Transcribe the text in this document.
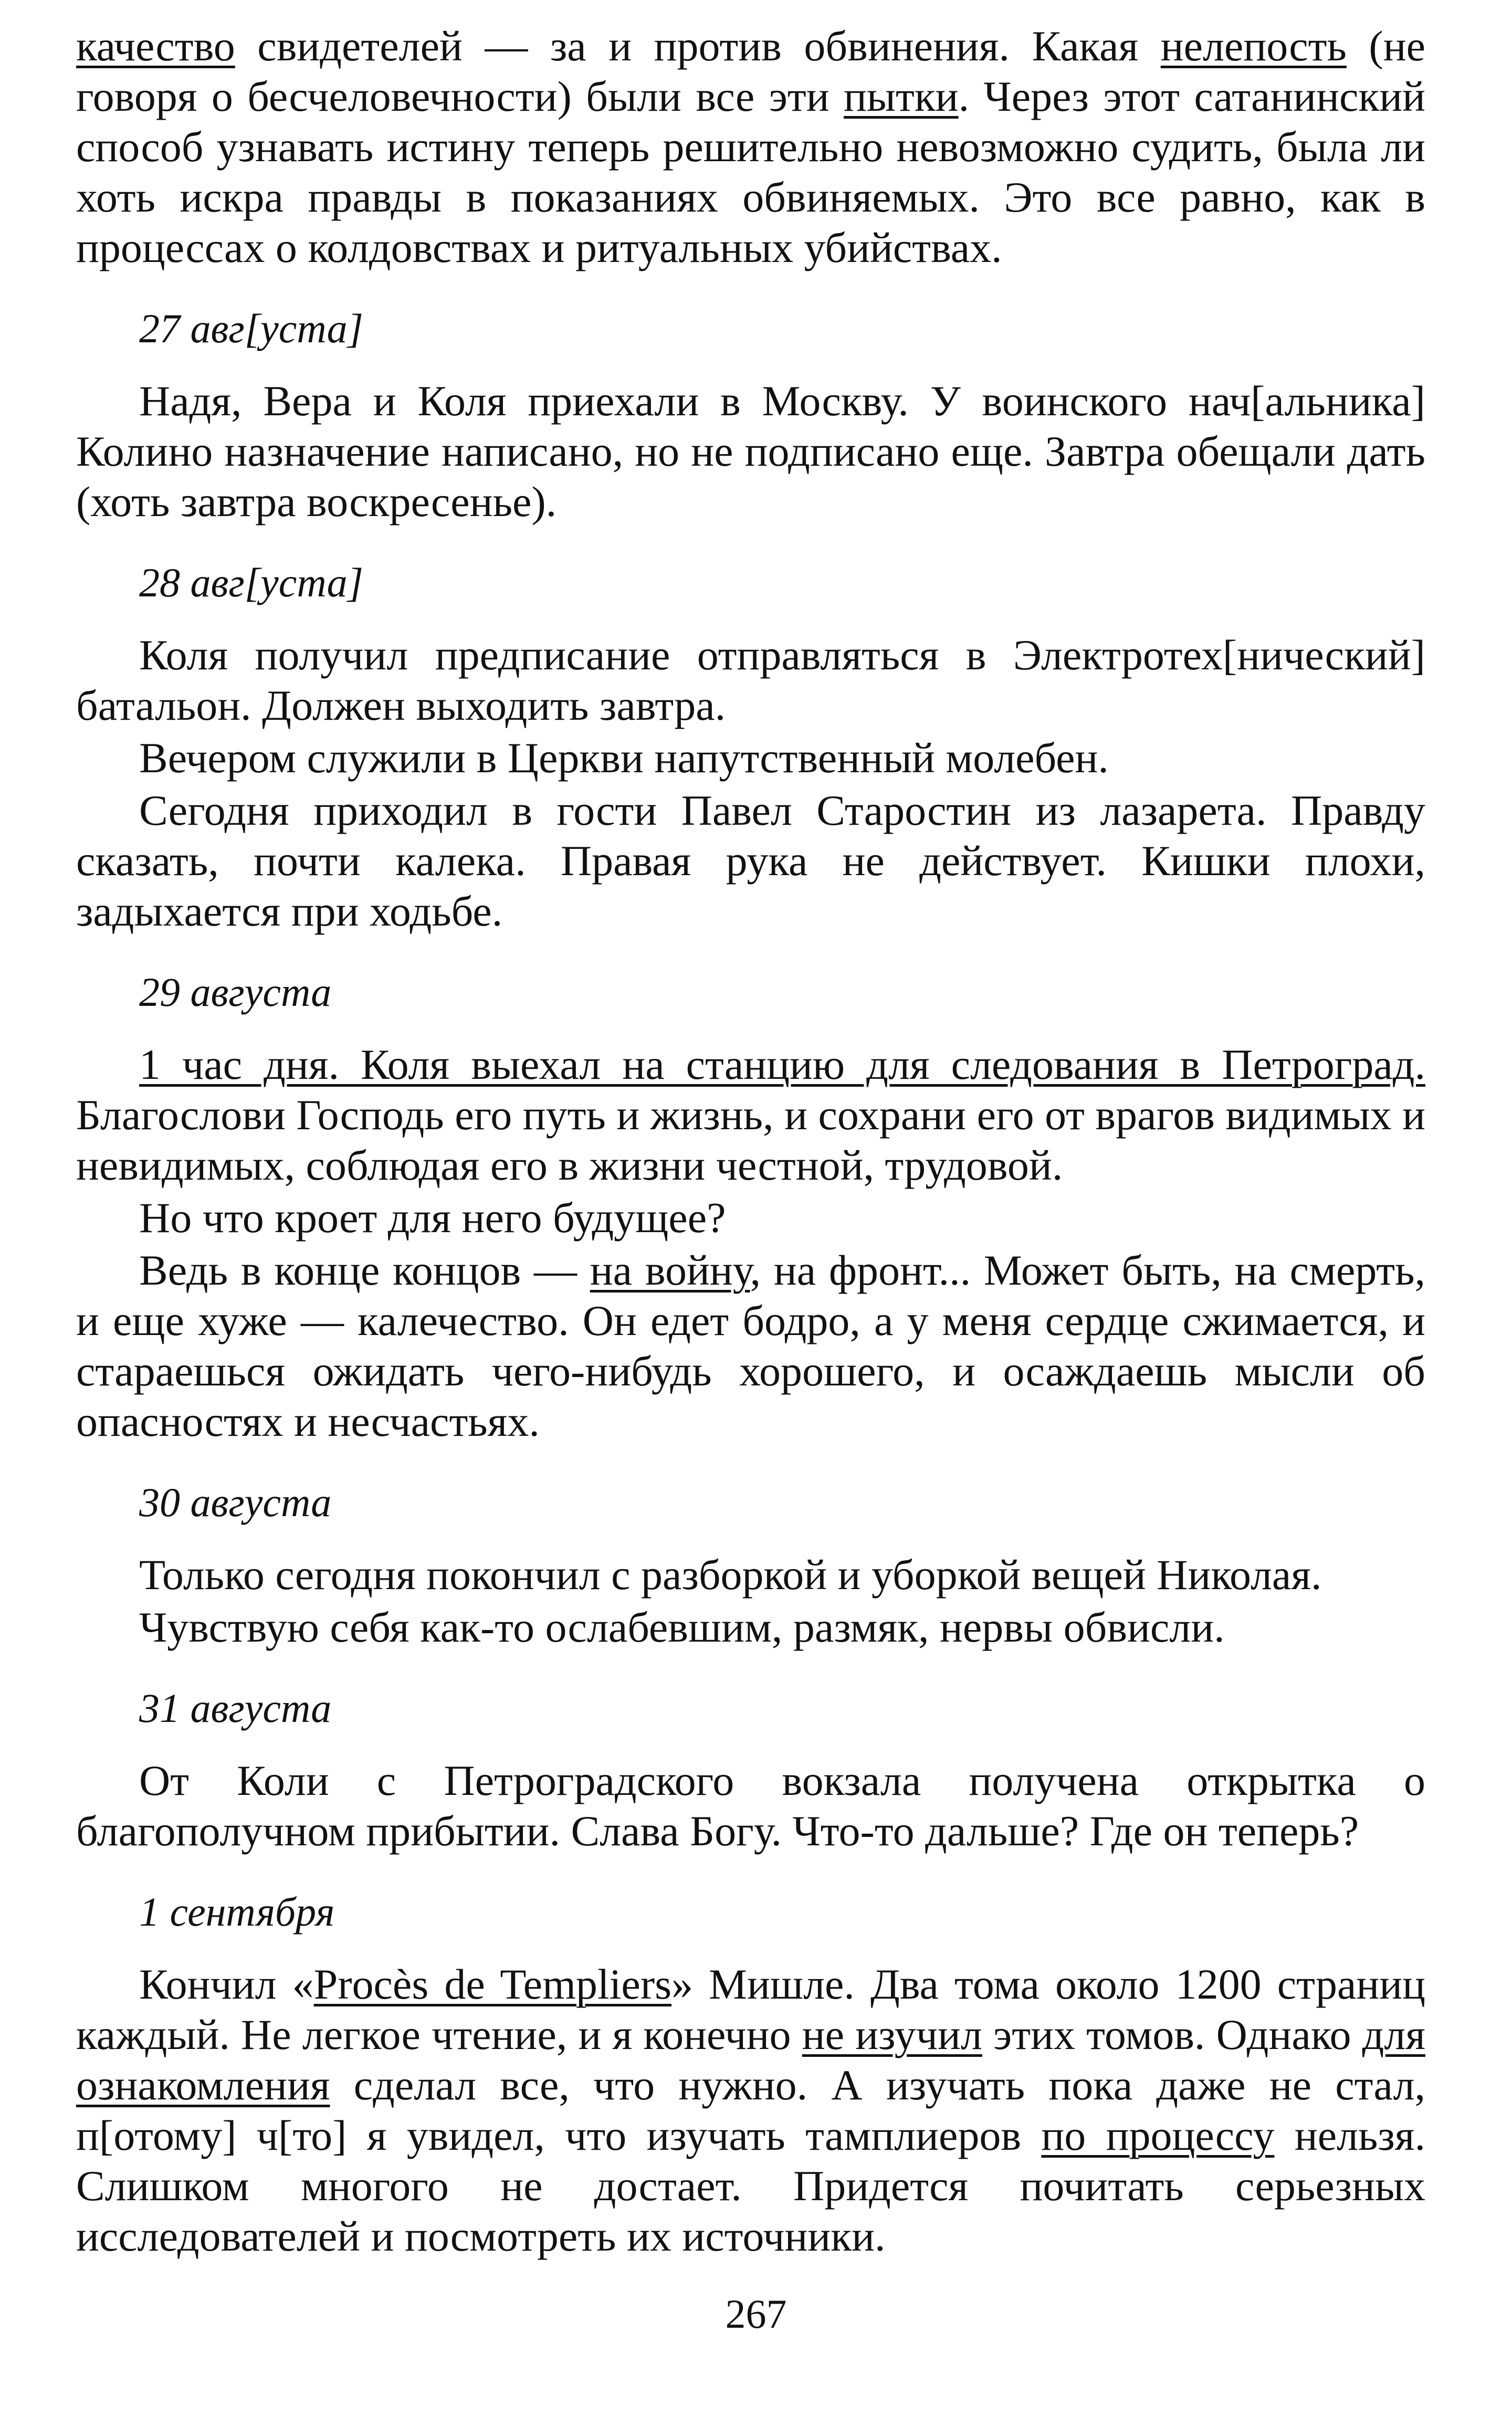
качество свидетелей — за и против обвинения. Какая нелепость (не говоря о бесчеловечности) были все эти пытки. Через этот сатанинский способ узнавать истину теперь решительно невозможно судить, была ли хоть искра правды в показаниях обвиняемых. Это все равно, как в процессах о колдовствах и ритуальных убийствах.

27 авг[уста]

Надя, Вера и Коля приехали в Москву. У воинского нач[альника] Колино назначение написано, но не подписано еще. Завтра обещали дать (хоть завтра воскресенье).

28 авг[уста]

Коля получил предписание отправляться в Электротех[нический] батальон. Должен выходить завтра.

Вечером служили в Церкви напутственный молебен.

Сегодня приходил в гости Павел Старостин из лазарета. Правду сказать, почти калека. Правая рука не действует. Кишки плохи, задыхается при ходьбе.

29 августа

1 час дня. Коля выехал на станцию для следования в Петроград. Благослови Господь его путь и жизнь, и сохрани его от врагов видимых и невидимых, соблюдая его в жизни честной, трудовой.

Но что кроет для него будущее?

Ведь в конце концов — на войну, на фронт... Может быть, на смерть, и еще хуже — калечество. Он едет бодро, а у меня сердце сжимается, и стараешься ожидать чего-нибудь хорошего, и осаждаешь мысли об опасностях и несчастьях.

30 августа

Только сегодня покончил с разборкой и уборкой вещей Николая.

Чувствую себя как-то ослабевшим, размяк, нервы обвисли.

31 августа

От Коли с Петроградского вокзала получена открытка о благополучном прибытии. Слава Богу. Что-то дальше? Где он теперь?

1 сентября

Кончил «Procès de Templiers» Мишле. Два тома около 1200 страниц каждый. Не легкое чтение, и я конечно не изучил этих томов. Однако для ознакомления сделал все, что нужно. А изучать пока даже не стал, п[отому] ч[то] я увидел, что изучать тамплиеров по процессу нельзя. Слишком многого не достает. Придется почитать серьезных исследователей и посмотреть их источники.

267
